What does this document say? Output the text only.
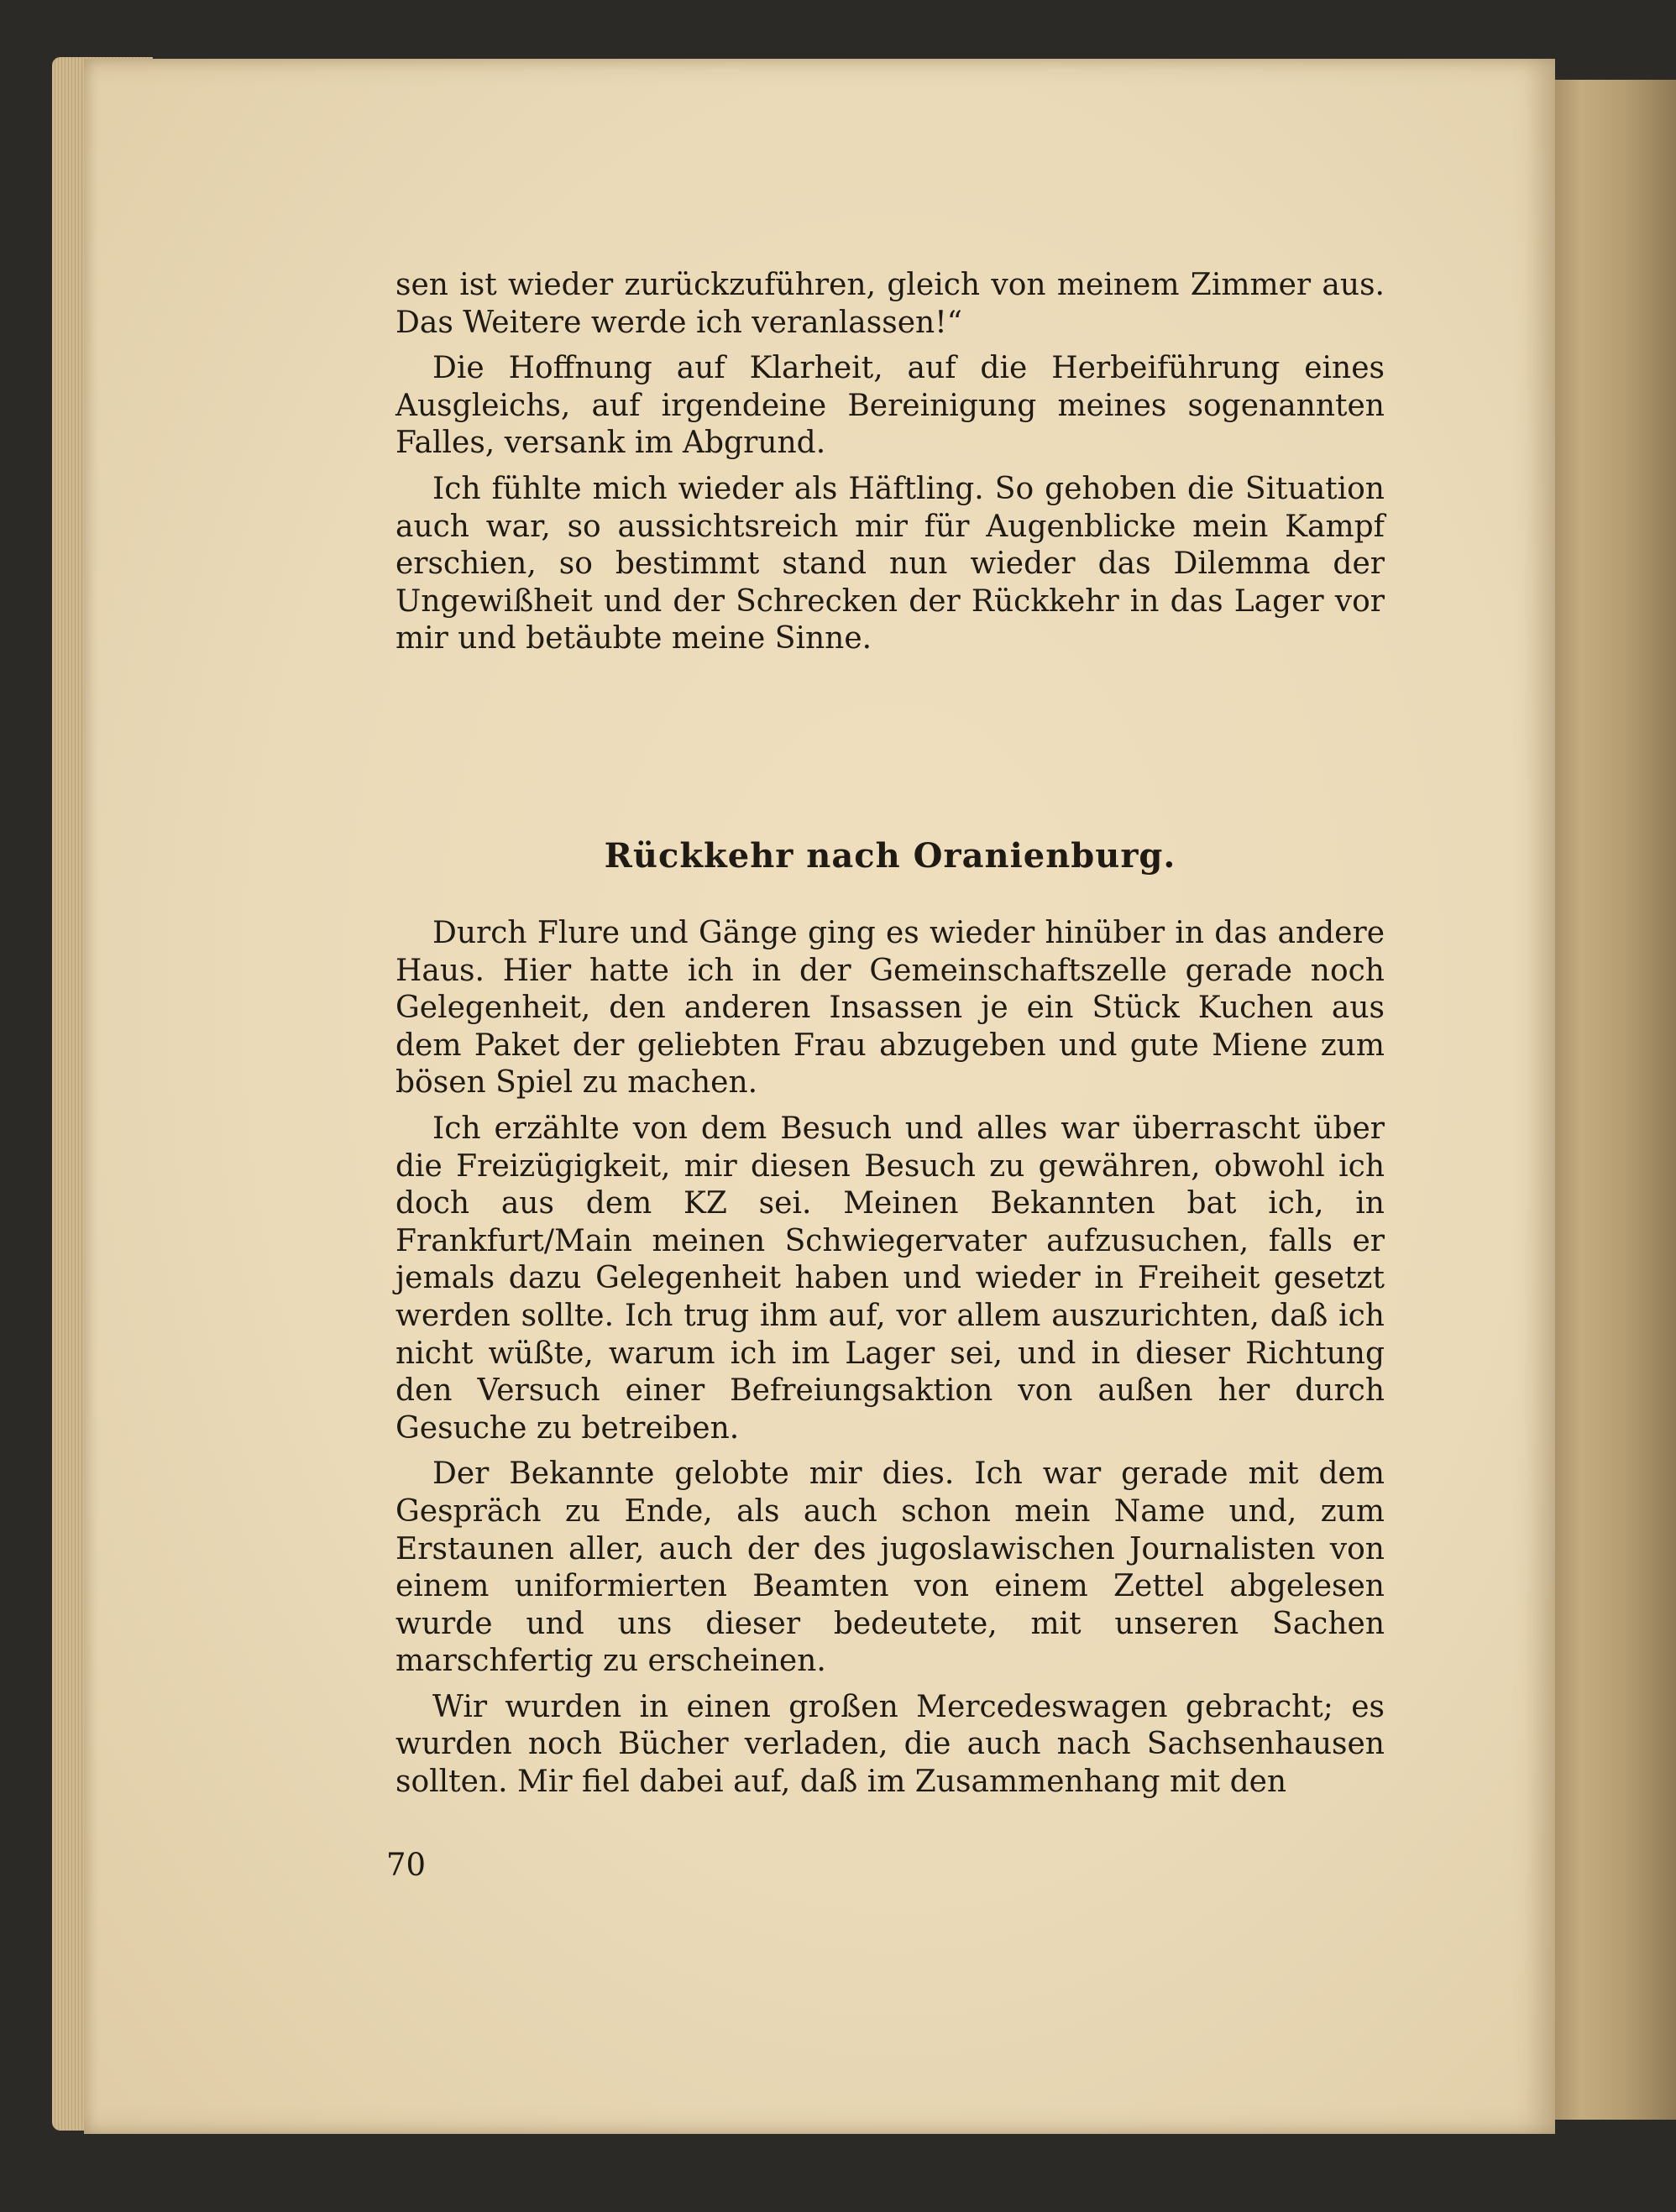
sen ist wieder zurückzuführen, gleich von meinem Zimmer aus. Das Weitere werde ich veranlassen!“

Die Hoffnung auf Klarheit, auf die Herbeiführung eines Ausgleichs, auf irgendeine Bereinigung meines sogenannten Falles, versank im Abgrund.

Ich fühlte mich wieder als Häftling. So gehoben die Situation auch war, so aussichtsreich mir für Augenblicke mein Kampf erschien, so bestimmt stand nun wieder das Dilemma der Ungewißheit und der Schrecken der Rückkehr in das Lager vor mir und betäubte meine Sinne.

Rückkehr nach Oranienburg.

Durch Flure und Gänge ging es wieder hinüber in das andere Haus. Hier hatte ich in der Gemeinschaftszelle gerade noch Gelegenheit, den anderen Insassen je ein Stück Kuchen aus dem Paket der geliebten Frau abzugeben und gute Miene zum bösen Spiel zu machen.

Ich erzählte von dem Besuch und alles war überrascht über die Freizügigkeit, mir diesen Besuch zu gewähren, obwohl ich doch aus dem KZ sei. Meinen Bekannten bat ich, in Frankfurt/Main meinen Schwiegervater aufzusuchen, falls er jemals dazu Gelegenheit haben und wieder in Freiheit gesetzt werden sollte. Ich trug ihm auf, vor allem auszurichten, daß ich nicht wüßte, warum ich im Lager sei, und in dieser Richtung den Versuch einer Befreiungsaktion von außen her durch Gesuche zu betreiben.

Der Bekannte gelobte mir dies. Ich war gerade mit dem Gespräch zu Ende, als auch schon mein Name und, zum Erstaunen aller, auch der des jugoslawischen Journalisten von einem uniformierten Beamten von einem Zettel abgelesen wurde und uns dieser bedeutete, mit unseren Sachen marschfertig zu erscheinen.

Wir wurden in einen großen Mercedeswagen gebracht; es wurden noch Bücher verladen, die auch nach Sachsenhausen sollten. Mir fiel dabei auf, daß im Zusammenhang mit den

70
